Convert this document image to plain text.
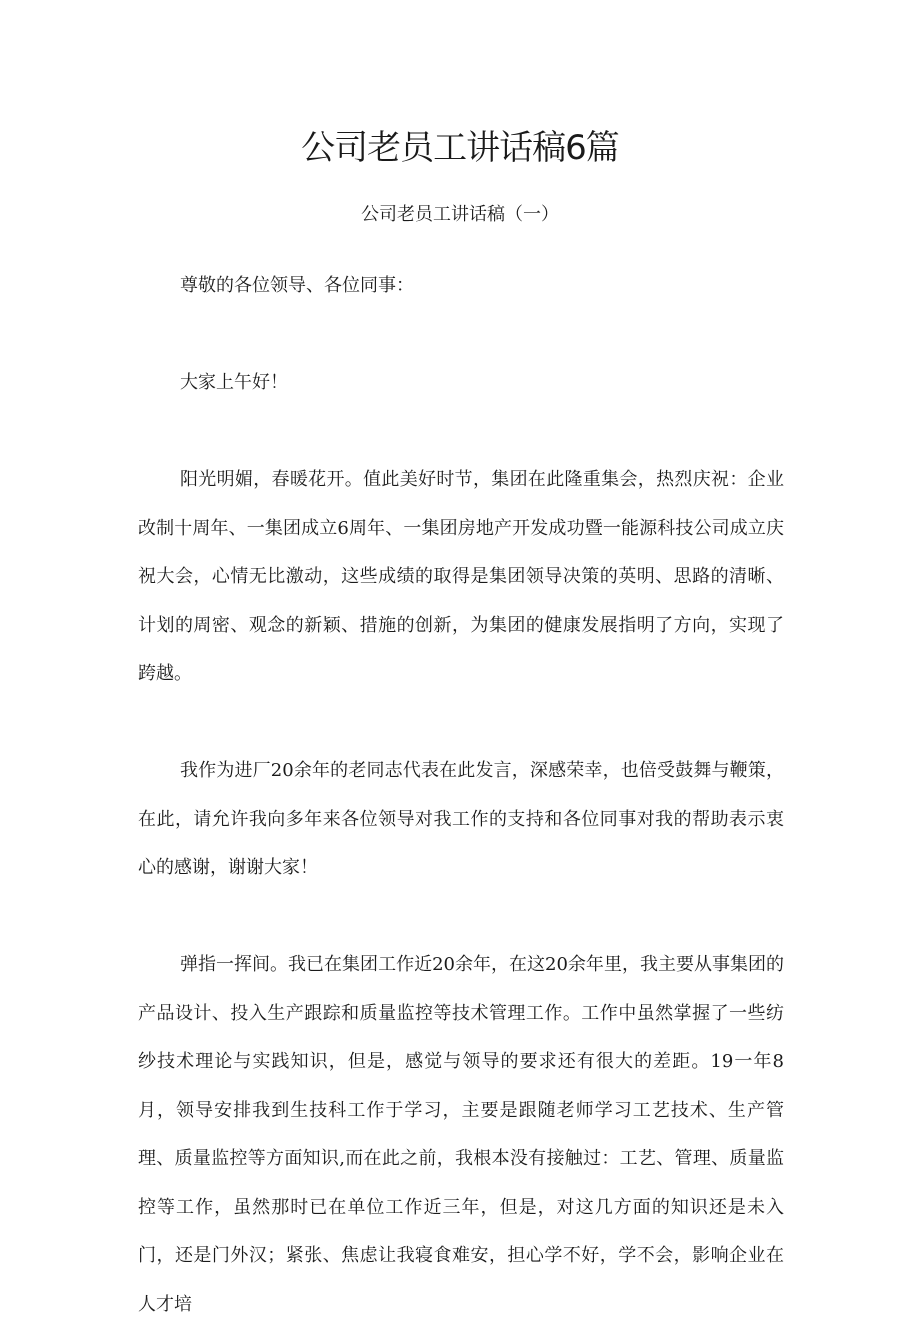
公司老员工讲话稿6篇
公司老员工讲话稿（一）

尊敬的各位领导、各位同事：

大家上午好！

阳光明媚，春暖花开。值此美好时节，集团在此隆重集会，热烈庆祝：企业改制十周年、一集团成立6周年、一集团房地产开发成功暨一能源科技公司成立庆祝大会，心情无比激动，这些成绩的取得是集团领导决策的英明、思路的清晰、计划的周密、观念的新颖、措施的创新，为集团的健康发展指明了方向，实现了跨越。

我作为进厂20余年的老同志代表在此发言，深感荣幸，也倍受鼓舞与鞭策，在此，请允许我向多年来各位领导对我工作的支持和各位同事对我的帮助表示衷心的感谢，谢谢大家！

弹指一挥间。我已在集团工作近20余年，在这20余年里，我主要从事集团的产品设计、投入生产跟踪和质量监控等技术管理工作。工作中虽然掌握了一些纺纱技术理论与实践知识，但是，感觉与领导的要求还有很大的差距。19一年8月，领导安排我到生技科工作于学习，主要是跟随老师学习工艺技术、生产管理、质量监控等方面知识,而在此之前，我根本没有接触过：工艺、管理、质量监控等工作，虽然那时已在单位工作近三年，但是，对这几方面的知识还是未入门，还是门外汉；紧张、焦虑让我寝食难安，担心学不好，学不会，影响企业在人才培
